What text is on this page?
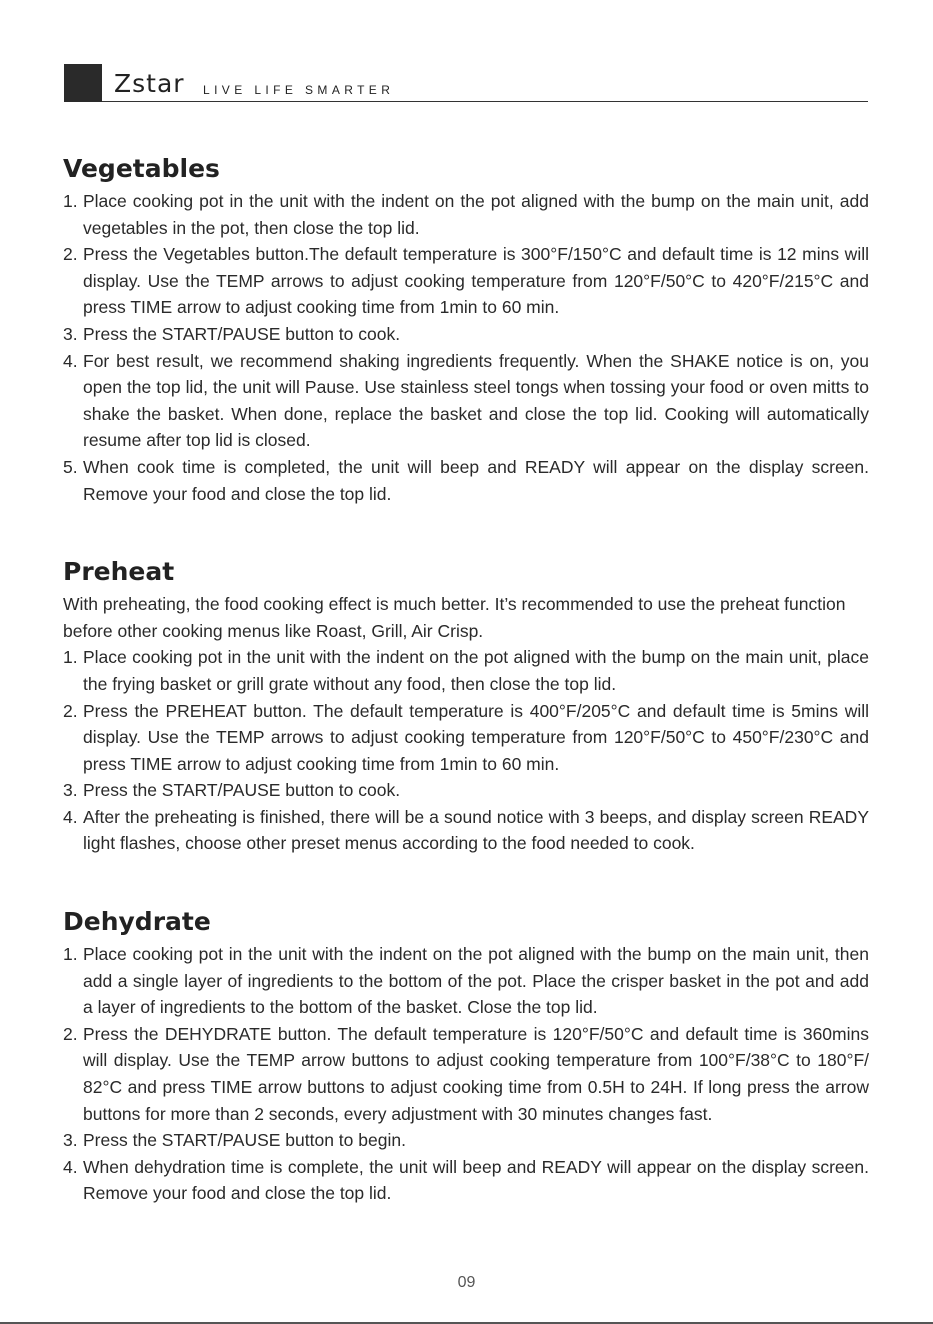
Zstar LIVE LIFE SMARTER
Vegetables
1. Place cooking pot in the unit with the indent on the pot aligned with the bump on the main unit, add vegetables in the pot, then close the top lid.
2. Press the Vegetables button.The default temperature is 300°F/150°C and default time is 12 mins will display. Use the TEMP arrows to adjust cooking temperature from 120°F/50°C to 420°F/215°C and press TIME arrow to adjust cooking time from 1min to 60 min.
3. Press the START/PAUSE button to cook.
4. For best result, we recommend shaking ingredients frequently. When the SHAKE notice is on, you open the top lid, the unit will Pause. Use stainless steel tongs when tossing your food or oven mitts to shake the basket. When done, replace the basket and close the top lid. Cooking will automatically resume after top lid is closed.
5. When cook time is completed, the unit will beep and READY will appear on the display screen. Remove your food and close the top lid.
Preheat

With preheating, the food cooking effect is much better. It’s recommended to use the preheat function before other cooking menus like Roast, Grill, Air Crisp.

1. Place cooking pot in the unit with the indent on the pot aligned with the bump on the main unit, place the frying basket or grill grate without any food, then close the top lid.
2. Press the PREHEAT button. The default temperature is 400°F/205°C and default time is 5mins will display. Use the TEMP arrows to adjust cooking temperature from 120°F/50°C to 450°F/230°C and press TIME arrow to adjust cooking time from 1min to 60 min.
3. Press the START/PAUSE button to cook.
4. After the preheating is finished, there will be a sound notice with 3 beeps, and display screen READY light flashes, choose other preset menus according to the food needed to cook.
Dehydrate
1. Place cooking pot in the unit with the indent on the pot aligned with the bump on the main unit, then add a single layer of ingredients to the bottom of the pot. Place the crisper basket in the pot and add a layer of ingredients to the bottom of the basket. Close the top lid.
2. Press the DEHYDRATE button. The default temperature is 120°F/50°C and default time is 360mins will display. Use the TEMP arrow buttons to adjust cooking temperature from 100°F/38°C to 180°F/ 82°C and press TIME arrow buttons to adjust cooking time from 0.5H to 24H. If long press the arrow buttons for more than 2 seconds, every adjustment with 30 minutes changes fast.
3. Press the START/PAUSE button to begin.
4. When dehydration time is complete, the unit will beep and READY will appear on the display screen. Remove your food and close the top lid.
09
